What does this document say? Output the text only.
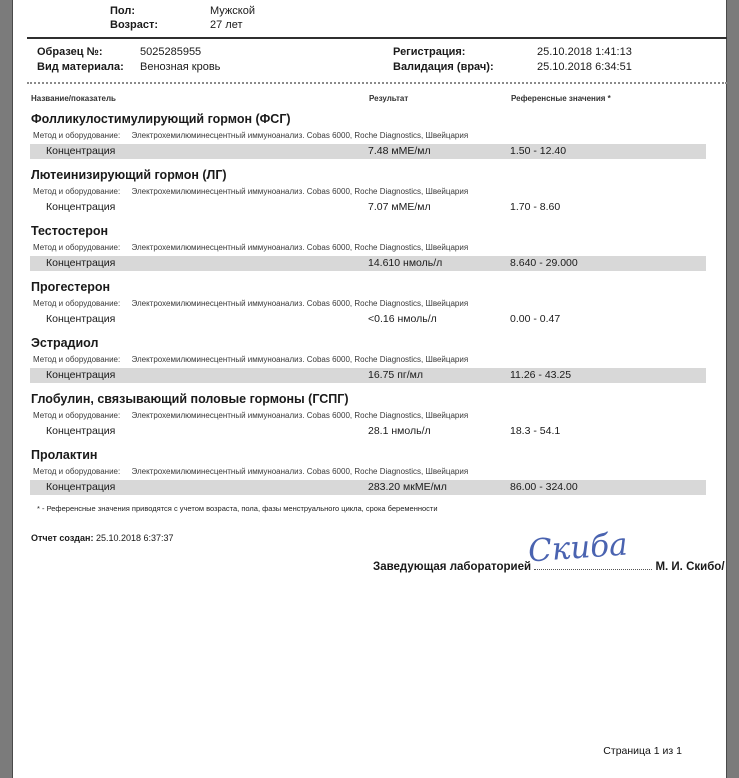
Пол:	Мужской
Возраст:	27 лет
Образец №:	5025285955	Регистрация:	25.10.2018 1:41:13
Вид материала:	Венозная кровь	Валидация (врач):	25.10.2018 6:34:51
Название/показатель	Результат	Референсные значения *
Фолликулостимулирующий гормон (ФСГ)
Метод и оборудование: Электрохемилюминесцентный иммуноанализ. Cobas 6000, Roche Diagnostics, Швейцария
Концентрация	7.48 мМЕ/мл	1.50 - 12.40
Лютеинизирующий гормон (ЛГ)
Метод и оборудование: Электрохемилюминесцентный иммуноанализ. Cobas 6000, Roche Diagnostics, Швейцария
Концентрация	7.07 мМЕ/мл	1.70 - 8.60
Тестостерон
Метод и оборудование: Электрохемилюминесцентный иммуноанализ. Cobas 6000, Roche Diagnostics, Швейцария
Концентрация	14.610 нмоль/л	8.640 - 29.000
Прогестерон
Метод и оборудование: Электрохемилюминесцентный иммуноанализ. Cobas 6000, Roche Diagnostics, Швейцария
Концентрация	<0.16 нмоль/л	0.00 - 0.47
Эстрадиол
Метод и оборудование: Электрохемилюминесцентный иммуноанализ. Cobas 6000, Roche Diagnostics, Швейцария
Концентрация	16.75 пг/мл	11.26 - 43.25
Глобулин, связывающий половые гормоны (ГСПГ)
Метод и оборудование: Электрохемилюминесцентный иммуноанализ. Cobas 6000, Roche Diagnostics, Швейцария
Концентрация	28.1 нмоль/л	18.3 - 54.1
Пролактин
Метод и оборудование: Электрохемилюминесцентный иммуноанализ. Cobas 6000, Roche Diagnostics, Швейцария
Концентрация	283.20 мкМЕ/мл	86.00 - 324.00
* - Референсные значения приводятся с учетом возраста, пола, фазы менструального цикла, срока беременности
Отчет создан: 25.10.2018 6:37:37
Заведующая лабораторией
Скиба М. И. Скибо/
Страница 1 из 1
